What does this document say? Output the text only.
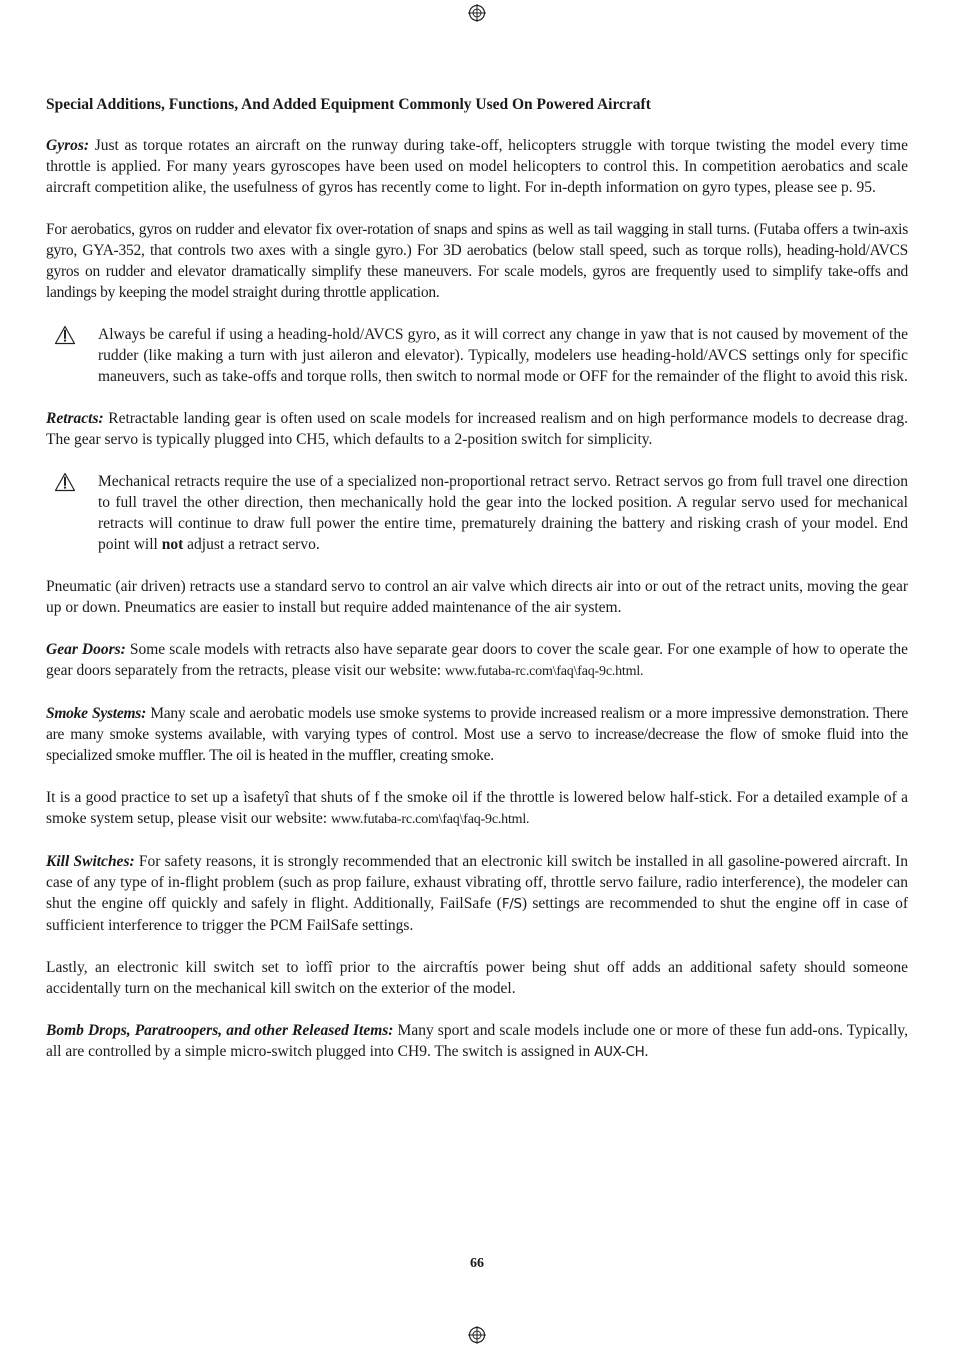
Special Additions, Functions, And Added Equipment Commonly Used On Powered Aircraft

Gyros: Just as torque rotates an aircraft on the runway during take-off, helicopters struggle with torque twisting the model every time throttle is applied. For many years gyroscopes have been used on model helicopters to control this. In competition aerobatics and scale aircraft competition alike, the usefulness of gyros has recently come to light. For in-depth information on gyro types, please see p. 95.

For aerobatics, gyros on rudder and elevator fix over-rotation of snaps and spins as well as tail wagging in stall turns. (Futaba offers a twin-axis gyro, GYA-352, that controls two axes with a single gyro.) For 3D aerobatics (below stall speed, such as torque rolls), heading-hold/AVCS gyros on rudder and elevator dramatically simplify these maneuvers. For scale models, gyros are frequently used to simplify take-offs and landings by keeping the model straight during throttle application.

Always be careful if using a heading-hold/AVCS gyro, as it will correct any change in yaw that is not caused by movement of the rudder (like making a turn with just aileron and elevator). Typically, modelers use heading-hold/AVCS settings only for specific maneuvers, such as take-offs and torque rolls, then switch to normal mode or OFF for the remainder of the flight to avoid this risk.

Retracts: Retractable landing gear is often used on scale models for increased realism and on high performance models to decrease drag. The gear servo is typically plugged into CH5, which defaults to a 2-position switch for simplicity.

Mechanical retracts require the use of a specialized non-proportional retract servo. Retract servos go from full travel one direction to full travel the other direction, then mechanically hold the gear into the locked position. A regular servo used for mechanical retracts will continue to draw full power the entire time, prematurely draining the battery and risking crash of your model. End point will not adjust a retract servo.

Pneumatic (air driven) retracts use a standard servo to control an air valve which directs air into or out of the retract units, moving the gear up or down. Pneumatics are easier to install but require added maintenance of the air system.

Gear Doors: Some scale models with retracts also have separate gear doors to cover the scale gear. For one example of how to operate the gear doors separately from the retracts, please visit our website: www.futaba-rc.com\faq\faq-9c.html.

Smoke Systems: Many scale and aerobatic models use smoke systems to provide increased realism or a more impressive demonstration. There are many smoke systems available, with varying types of control. Most use a servo to increase/decrease the flow of smoke fluid into the specialized smoke muffler. The oil is heated in the muffler, creating smoke.

It is a good practice to set up a ìsafetyî that shuts of f the smoke oil if the throttle is lowered below half-stick. For a detailed example of a smoke system setup, please visit our website: www.futaba-rc.com\faq\faq-9c.html.

Kill Switches: For safety reasons, it is strongly recommended that an electronic kill switch be installed in all gasoline-powered aircraft. In case of any type of in-flight problem (such as prop failure, exhaust vibrating off, throttle servo failure, radio interference), the modeler can shut the engine off quickly and safely in flight. Additionally, FailSafe (F/S) settings are recommended to shut the engine off in case of sufficient interference to trigger the PCM FailSafe settings.

Lastly, an electronic kill switch set to ìoffî prior to the aircraftís power being shut off adds an additional safety should someone accidentally turn on the mechanical kill switch on the exterior of the model.

Bomb Drops, Paratroopers, and other Released Items: Many sport and scale models include one or more of these fun add-ons. Typically, all are controlled by a simple micro-switch plugged into CH9. The switch is assigned in AUX-CH.

66
